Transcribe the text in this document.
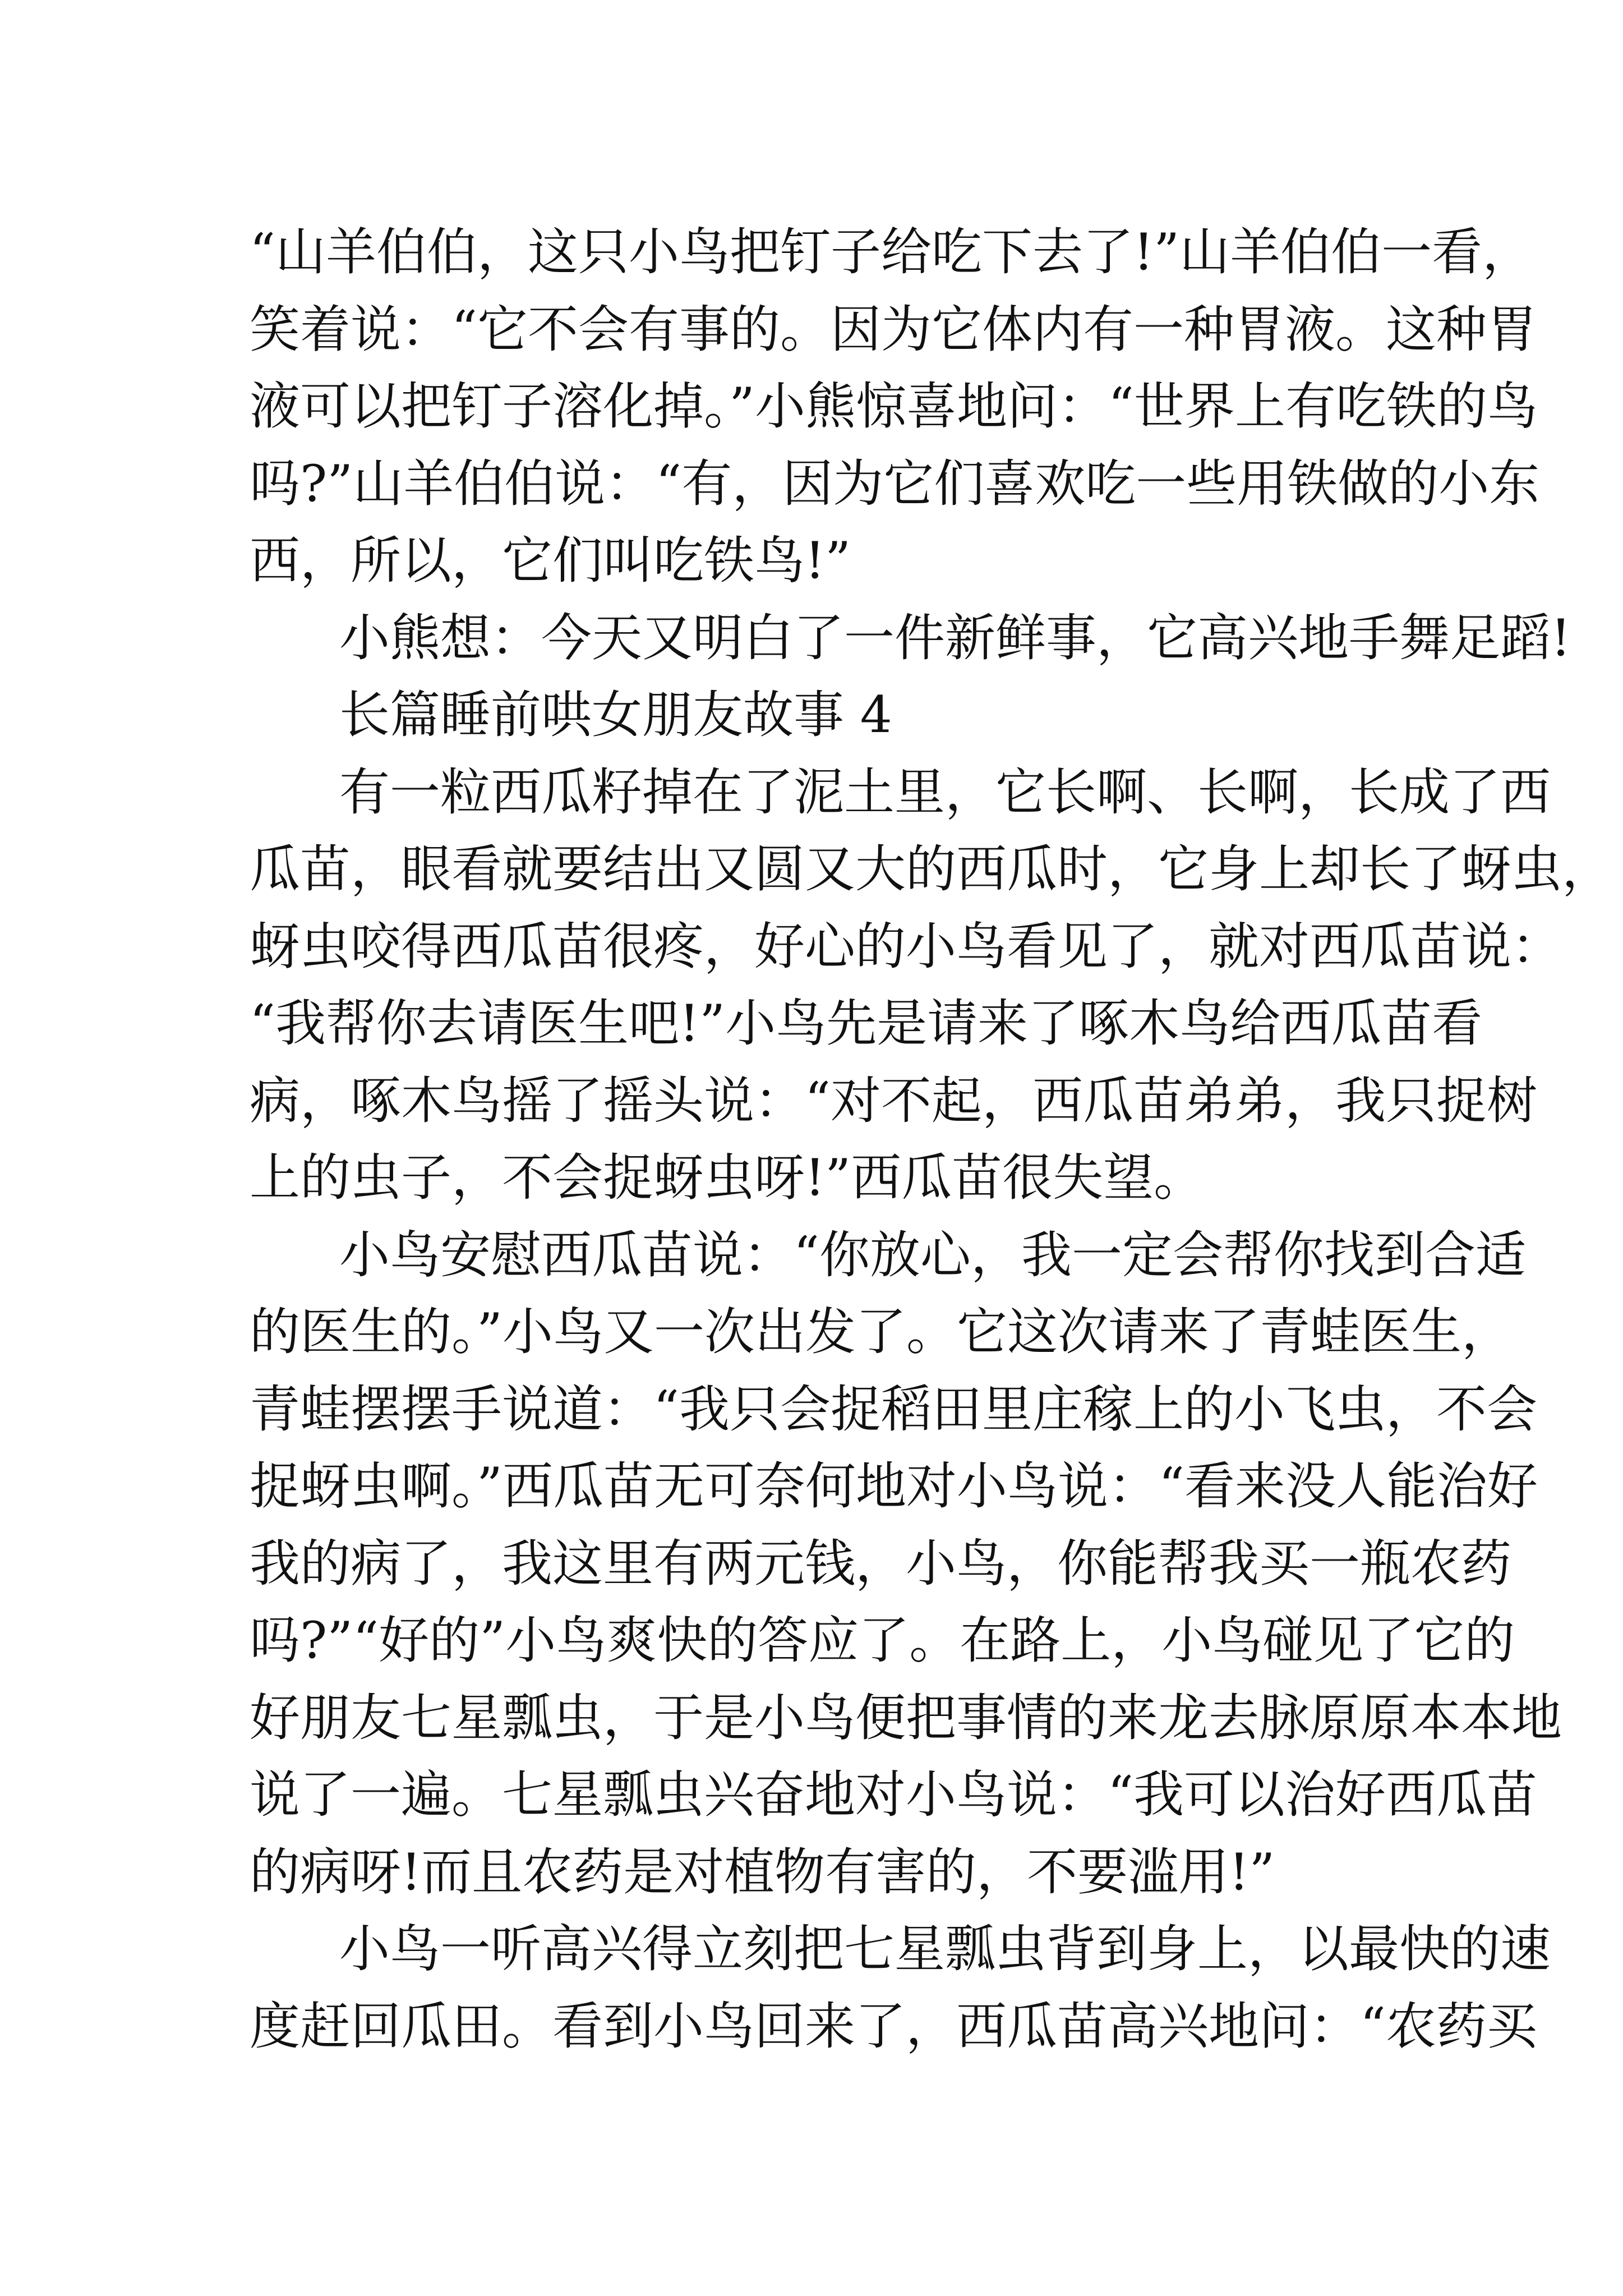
“山羊伯伯，这只小鸟把钉子给吃下去了!”山羊伯伯一看，
笑着说：“它不会有事的。因为它体内有一种胃液。这种胃
液可以把钉子溶化掉。”小熊惊喜地问：“世界上有吃铁的鸟
吗?”山羊伯伯说：“有，因为它们喜欢吃一些用铁做的小东
西，所以，它们叫吃铁鸟!”
小熊想：今天又明白了一件新鲜事，它高兴地手舞足蹈!
长篇睡前哄女朋友故事 4
有一粒西瓜籽掉在了泥土里，它长啊、长啊，长成了西
瓜苗，眼看就要结出又圆又大的西瓜时，它身上却长了蚜虫，
蚜虫咬得西瓜苗很疼，好心的小鸟看见了，就对西瓜苗说：
“我帮你去请医生吧!”小鸟先是请来了啄木鸟给西瓜苗看
病，啄木鸟摇了摇头说：“对不起，西瓜苗弟弟，我只捉树
上的虫子，不会捉蚜虫呀!”西瓜苗很失望。
小鸟安慰西瓜苗说：“你放心，我一定会帮你找到合适
的医生的。”小鸟又一次出发了。它这次请来了青蛙医生，
青蛙摆摆手说道：“我只会捉稻田里庄稼上的小飞虫，不会
捉蚜虫啊。”西瓜苗无可奈何地对小鸟说：“看来没人能治好
我的病了，我这里有两元钱，小鸟，你能帮我买一瓶农药
吗?”“好的”小鸟爽快的答应了。在路上，小鸟碰见了它的
好朋友七星瓢虫，于是小鸟便把事情的来龙去脉原原本本地
说了一遍。七星瓢虫兴奋地对小鸟说：“我可以治好西瓜苗
的病呀!而且农药是对植物有害的，不要滥用!”
小鸟一听高兴得立刻把七星瓢虫背到身上，以最快的速
度赶回瓜田。看到小鸟回来了，西瓜苗高兴地问：“农药买
